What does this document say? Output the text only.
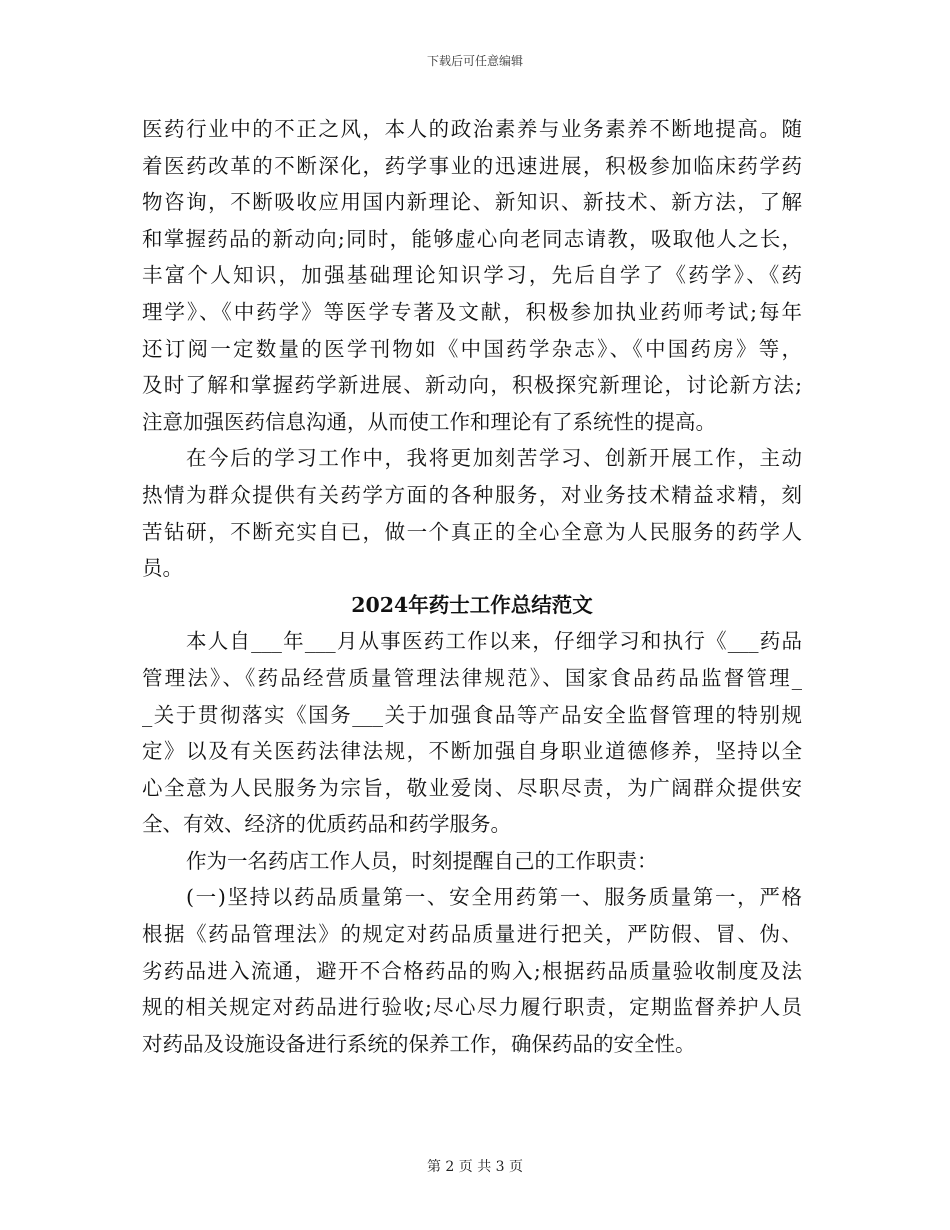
下载后可任意编辑
医药行业中的不正之风，本人的政治素养与业务素养不断地提高。随
着医药改革的不断深化，药学事业的迅速进展，积极参加临床药学药
物咨询，不断吸收应用国内新理论、新知识、新技术、新方法，了解
和掌握药品的新动向;同时，能够虚心向老同志请教，吸取他人之长，
丰富个人知识，加强基础理论知识学习，先后自学了《药学》、《药
理学》、《中药学》等医学专著及文献，积极参加执业药师考试;每年
还订阅一定数量的医学刊物如《中国药学杂志》、《中国药房》等，
及时了解和掌握药学新进展、新动向，积极探究新理论，讨论新方法;
注意加强医药信息沟通，从而使工作和理论有了系统性的提高。
在今后的学习工作中，我将更加刻苦学习、创新开展工作，主动
热情为群众提供有关药学方面的各种服务，对业务技术精益求精，刻
苦钻研，不断充实自已，做一个真正的全心全意为人民服务的药学人
员。
2024年药士工作总结范文
本人自___年___月从事医药工作以来，仔细学习和执行《___药品
管理法》、《药品经营质量管理法律规范》、国家食品药品监督管理_
_关于贯彻落实《国务___关于加强食品等产品安全监督管理的特别规
定》以及有关医药法律法规，不断加强自身职业道德修养，坚持以全
心全意为人民服务为宗旨，敬业爱岗、尽职尽责，为广阔群众提供安
全、有效、经济的优质药品和药学服务。
作为一名药店工作人员，时刻提醒自己的工作职责：
(一)坚持以药品质量第一、安全用药第一、服务质量第一，严格
根据《药品管理法》的规定对药品质量进行把关，严防假、冒、伪、
劣药品进入流通，避开不合格药品的购入;根据药品质量验收制度及法
规的相关规定对药品进行验收;尽心尽力履行职责，定期监督养护人员
对药品及设施设备进行系统的保养工作，确保药品的安全性。
第 2 页 共 3 页
